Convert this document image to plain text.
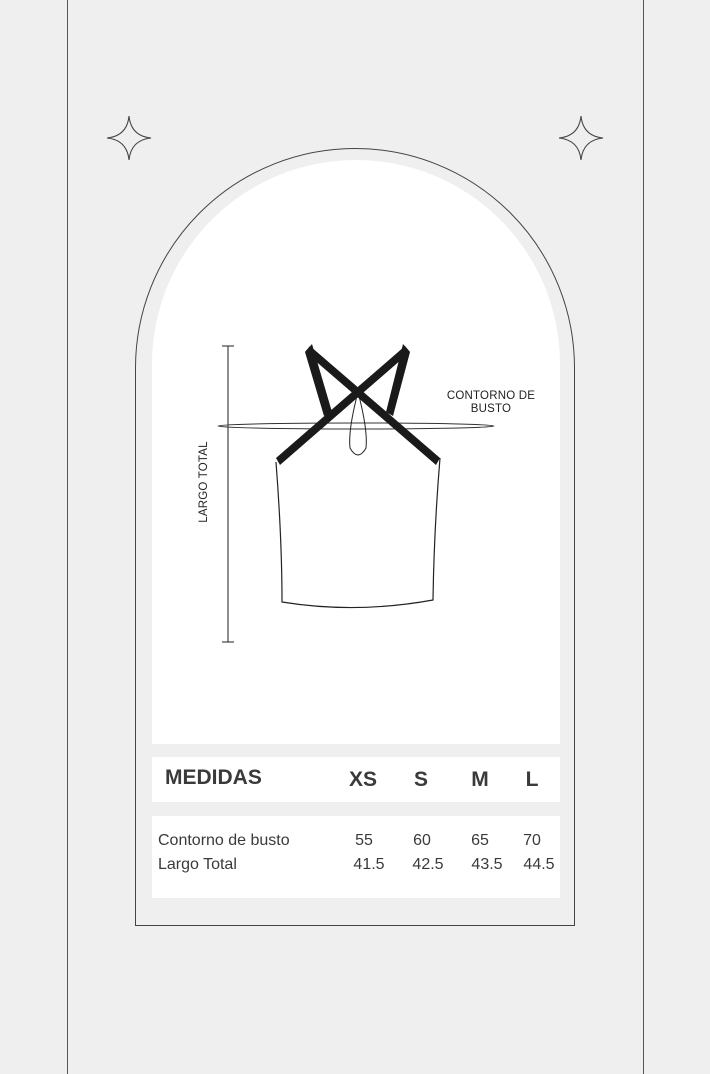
CONTORNO DE BUSTO
LARGO TOTAL
MEDIDAS	XS	S	M	L
Contorno de busto	55	60	65	70
Largo Total	41.5	42.5	43.5	44.5
